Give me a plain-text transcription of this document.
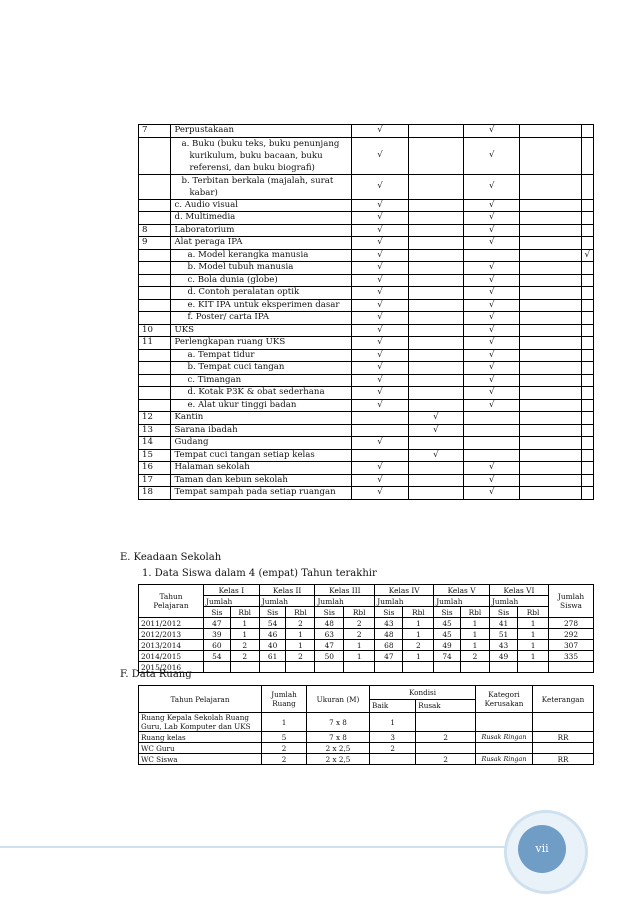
7	Perpustakaan	√		√		
	a. Buku (buku teks, buku penunjang kurikulum, buku bacaan, buku referensi, dan buku biografi)	√		√		
	b. Terbitan berkala (majalah, surat kabar)	√		√		
	c. Audio visual	√		√		
	d. Multimedia	√		√		
8	Laboratorium	√		√		
9	Alat peraga IPA	√		√		
	a. Model kerangka manusia	√				√
	b. Model tubuh manusia	√		√		
	c. Bola dunia (globe)	√		√		
	d. Contoh peralatan optik	√		√		
	e. KIT IPA untuk eksperimen dasar	√		√		
	f. Poster/ carta IPA	√		√		
10	UKS	√		√		
11	Perlengkapan ruang UKS	√		√		
	a. Tempat tidur	√		√		
	b. Tempat cuci tangan	√		√		
	c. Timangan	√		√		
	d. Kotak P3K & obat sederhana	√		√		
	e. Alat ukur tinggi badan	√		√		
12	Kantin		√			
13	Sarana ibadah		√			
14	Gudang	√				
15	Tempat cuci tangan setiap kelas		√			
16	Halaman sekolah	√		√		
17	Taman dan kebun sekolah	√		√		
18	Tempat sampah pada setiap ruangan	√		√		
E. Keadaan Sekolah
1. Data Siswa dalam 4 (empat) Tahun terakhir
Tahun Pelajaran	Kelas I		Kelas II		Kelas III		Kelas IV		Kelas V		Kelas VI		Jumlah Siswa
	Jumlah		Jumlah		Jumlah		Jumlah		Jumlah		Jumlah		
	Sis	Rbl	Sis	Rbl	Sis	Rbl	Sis	Rbl	Sis	Rbl	Sis	Rbl	
2011/2012	47	1	54	2	48	2	43	1	45	1	41	1	278
2012/2013	39	1	46	1	63	2	48	1	45	1	51	1	292
2013/2014	60	2	40	1	47	1	68	2	49	1	43	1	307
2014/2015	54	2	61	2	50	1	47	1	74	2	49	1	335
2015/2016													
F. Data Ruang
Tahun Pelajaran	Jumlah Ruang	Ukuran (M)	Kondisi		Kategori Kerusakan	Keterangan
			Baik	Rusak		
Ruang Kepala Sekolah Ruang Guru, Lab Komputer dan UKS	1	7 x 8	1			
Ruang kelas	5	7 x 8	3	2	Rusak Ringan	RR
WC Guru	2	2 x 2,5	2			
WC Siswa	2	2 x 2,5		2	Rusak Ringan	RR
vii
